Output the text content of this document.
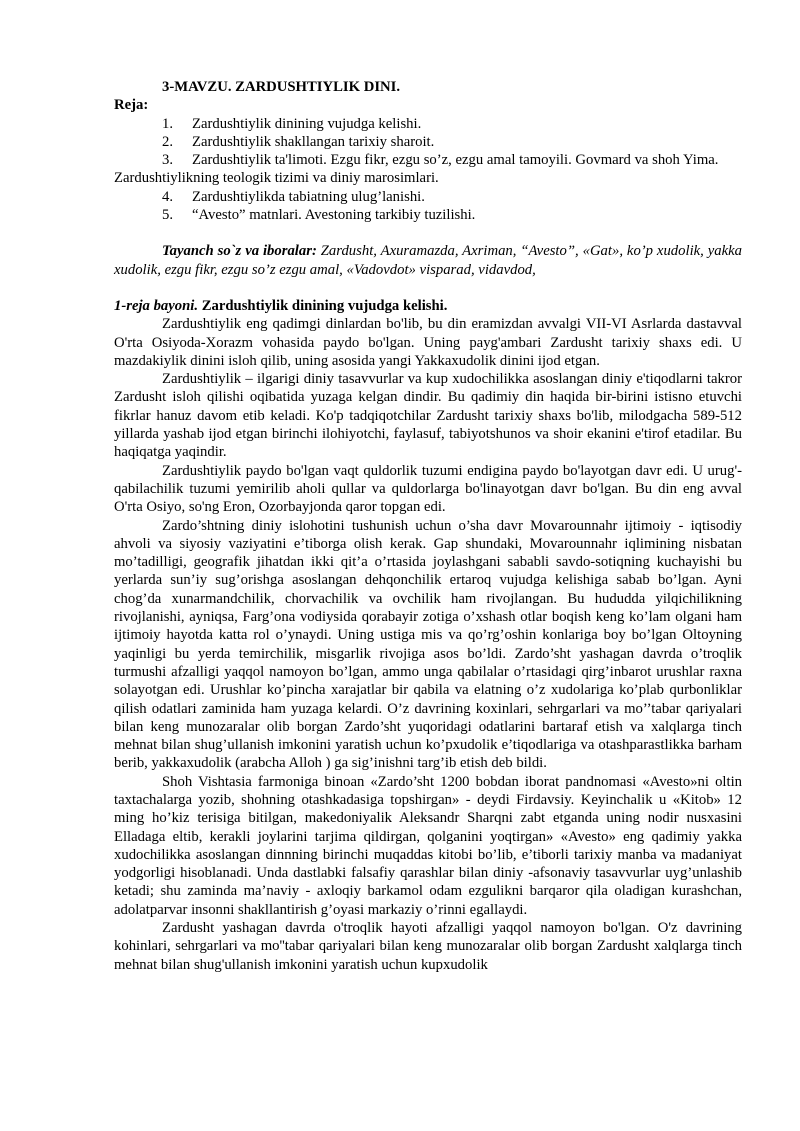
3-MAVZU. ZARDUSHTIYLIK DINI.

Reja:

1. Zardushtiylik dinining vujudga kelishi.
2. Zardushtiylik shakllangan tarixiy sharoit.
3. Zardushtiylik ta'limoti. Ezgu fikr, ezgu so’z, ezgu amal tamoyili. Govmard va shoh Yima. Zardushtiylikning teologik tizimi va diniy marosimlari.
4. Zardushtiylikda tabiatning ulug’lanishi.
5. “Avesto” matnlari. Avestoning tarkibiy tuzilishi.

Tayanch so`z va iboralar: Zardusht, Axuramazda, Axriman, “Avesto”, «Gat», ko’p xudolik, yakka xudolik, ezgu fikr, ezgu so’z ezgu amal, «Vadovdot» visparad, vidavdod,

1-reja bayoni. Zardushtiylik dinining vujudga kelishi.

Zardushtiylik eng qadimgi dinlardan bo'lib, bu din eramizdan avvalgi VII-VI Asrlarda dastavval O'rta Osiyoda-Xorazm vohasida paydo bo'lgan. Uning payg'ambari Zardusht tarixiy shaxs edi. U mazdakiylik dinini isloh qilib, uning asosida yangi Yakkaxudolik dinini ijod etgan.

Zardushtiylik – ilgarigi diniy tasavvurlar va kup xudochilikka asoslangan diniy e'tiqodlarni takror Zardusht isloh qilishi oqibatida yuzaga kelgan dindir. Bu qadimiy din haqida bir-birini istisno etuvchi fikrlar hanuz davom etib keladi. Ko'p tadqiqotchilar Zardusht tarixiy shaxs bo'lib, milodgacha 589-512 yillarda yashab ijod etgan birinchi ilohiyotchi, faylasuf, tabiyotshunos va shoir ekanini e'tirof etadilar. Bu haqiqatga yaqindir.

Zardushtiylik paydo bo'lgan vaqt quldorlik tuzumi endigina paydo bo'layotgan davr edi. U urug'-qabilachilik tuzumi yemirilib aholi qullar va quldorlarga bo'linayotgan davr bo'lgan. Bu din eng avval O'rta Osiyo, so'ng Eron, Ozorbayjonda qaror topgan edi.

Zardo’shtning diniy islohotini tushunish uchun o’sha davr Movarounnahr ijtimoiy - iqtisodiy ahvoli va siyosiy vaziyatini e’tiborga olish kerak. Gap shundaki, Movarounnahr iqlimining nisbatan mo’tadilligi, geografik jihatdan ikki qit’a o’rtasida joylashgani sababli savdo-sotiqning kuchayishi bu yerlarda sun’iy sug’orishga asoslangan dehqonchilik ertaroq vujudga kelishiga sabab bo’lgan. Ayni chog’da xunarmandchilik, chorvachilik va ovchilik ham rivojlangan. Bu hududda yilqichilikning rivojlanishi, ayniqsa, Farg’ona vodiysida qorabayir zotiga o’xshash otlar boqish keng ko’lam olgani ham ijtimoiy hayotda katta rol o’ynaydi. Uning ustiga mis va qo’rg’oshin konlariga boy bo’lgan Oltoyning yaqinligi bu yerda temirchilik, misgarlik rivojiga asos bo’ldi. Zardo’sht yashagan davrda o’troqlik turmushi afzalligi yaqqol namoyon bo’lgan, ammo unga qabilalar o’rtasidagi qirg’inbarot urushlar raxna solayotgan edi. Urushlar ko’pincha xarajatlar bir qabila va elatning o’z xudolariga ko’plab qurbonliklar qilish odatlari zaminida ham yuzaga kelardi. O’z davrining koxinlari, sehrgarlari va mo’’tabar qariyalari bilan keng munozaralar olib borgan Zardo’sht yuqoridagi odatlarini bartaraf etish va xalqlarga tinch mehnat bilan shug’ullanish imkonini yaratish uchun ko’pxudolik e’tiqodlariga va otashparastlikka barham berib, yakkaxudolik (arabcha Alloh ) ga sig’inishni targ’ib etish deb bildi.

Shoh Vishtasia farmoniga binoan «Zardo’sht 1200 bobdan iborat pandnomasi «Avesto»ni oltin taxtachalarga yozib, shohning otashkadasiga topshirgan» - deydi Firdavsiy. Keyinchalik u «Kitob» 12 ming ho’kiz terisiga bitilgan, makedoniyalik Aleksandr Sharqni zabt etganda uning nodir nusxasini Elladaga eltib, kerakli joylarini tarjima qildirgan, qolganini yoqtirgan» «Avesto» eng qadimiy yakka xudochilikka asoslangan dinnning birinchi muqaddas kitobi bo’lib, e’tiborli tarixiy manba va madaniyat yodgorligi hisoblanadi. Unda dastlabki falsafiy qarashlar bilan diniy -afsonaviy tasavvurlar uyg’unlashib ketadi; shu zaminda ma’naviy - axloqiy barkamol odam ezgulikni barqaror qila oladigan kurashchan, adolatparvar insonni shakllantirish g’oyasi markaziy o’rinni egallaydi.

Zardusht yashagan davrda o'troqlik hayoti afzalligi yaqqol namoyon bo'lgan. O'z davrining kohinlari, sehrgarlari va mo''tabar qariyalari bilan keng munozaralar olib borgan Zardusht xalqlarga tinch mehnat bilan shug'ullanish imkonini yaratish uchun kupxudolik
